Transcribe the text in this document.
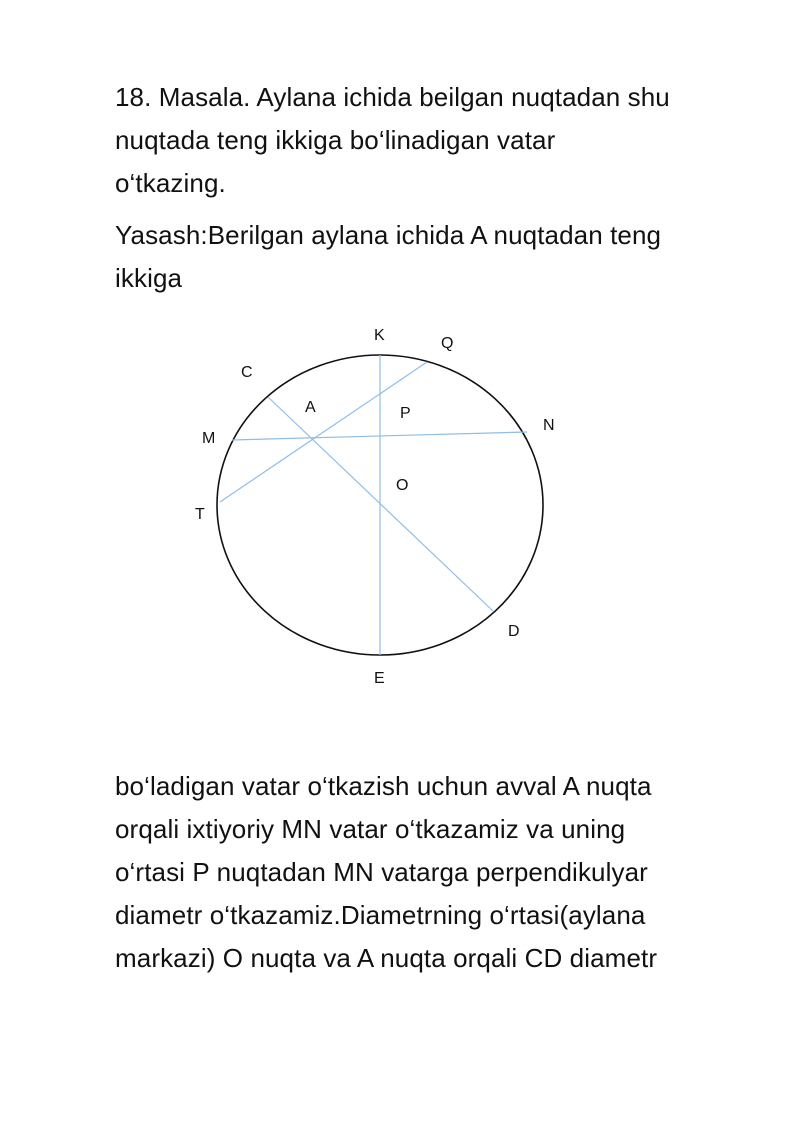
18. Masala. Aylana ichida beilgan nuqtadan shu
nuqtada teng ikkiga bo‘linadigan vatar
o‘tkazing.
Yasash:Berilgan aylana ichida A nuqtadan teng
ikkiga
K	Q
C
A	P
N
M
O
T
D
E
bo‘ladigan vatar o‘tkazish uchun avval A nuqta
orqali ixtiyoriy MN vatar o‘tkazamiz va uning
o‘rtasi P nuqtadan MN vatarga perpendikulyar
diametr o‘tkazamiz.Diametrning o‘rtasi(aylana
markazi) O nuqta va A nuqta orqali CD diametr
